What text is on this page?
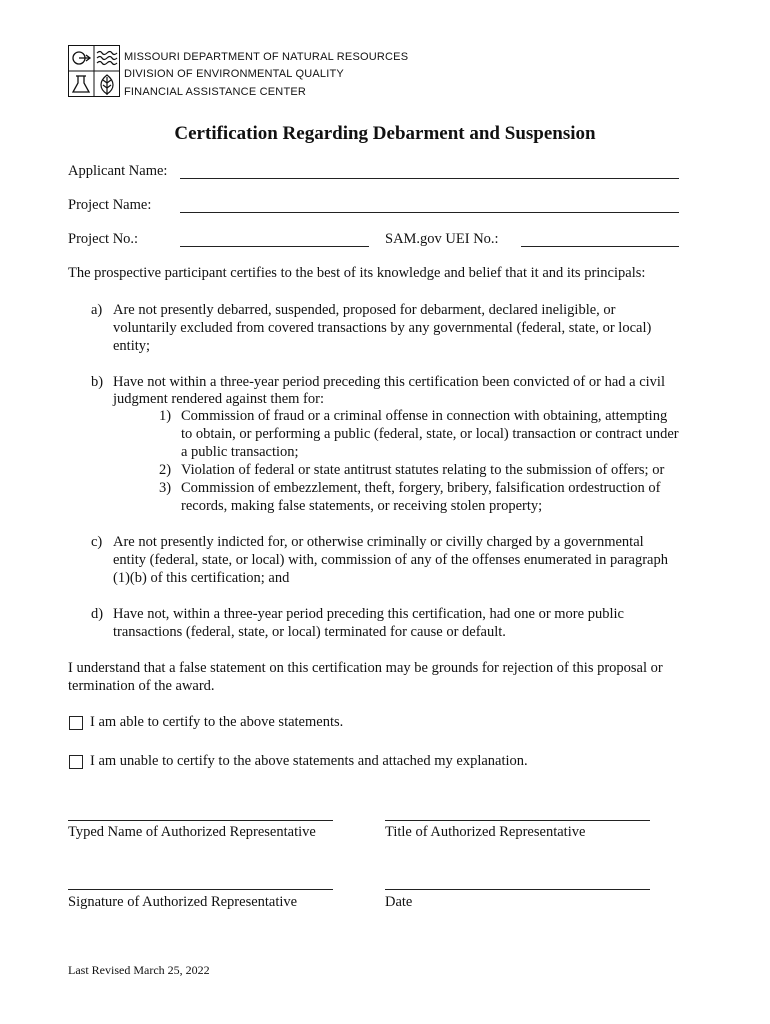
MISSOURI DEPARTMENT OF NATURAL RESOURCES
DIVISION OF ENVIRONMENTAL QUALITY
FINANCIAL ASSISTANCE CENTER
Certification Regarding Debarment and Suspension
Applicant Name:
Project Name:
Project No.:	SAM.gov UEI No.:
The prospective participant certifies to the best of its knowledge and belief that it and its principals:
a) Are not presently debarred, suspended, proposed for debarment, declared ineligible, or
voluntarily excluded from covered transactions by any governmental (federal, state, or local)
entity;
b) Have not within a three-year period preceding this certification been convicted of or had a civil
judgment rendered against them for:
1) Commission of fraud or a criminal offense in connection with obtaining, attempting
to obtain, or performing a public (federal, state, or local) transaction or contract under
a public transaction;
2) Violation of federal or state antitrust statutes relating to the submission of offers; or
3) Commission of embezzlement, theft, forgery, bribery, falsification ordestruction of
records, making false statements, or receiving stolen property;
c) Are not presently indicted for, or otherwise criminally or civilly charged by a governmental
entity (federal, state, or local) with, commission of any of the offenses enumerated in paragraph
(1)(b) of this certification; and
d) Have not, within a three-year period preceding this certification, had one or more public
transactions (federal, state, or local) terminated for cause or default.
I understand that a false statement on this certification may be grounds for rejection of this proposal or
termination of the award.
I am able to certify to the above statements.
I am unable to certify to the above statements and attached my explanation.
Typed Name of Authorized Representative	Title of Authorized Representative
Signature of Authorized Representative	Date
Last Revised March 25, 2022
